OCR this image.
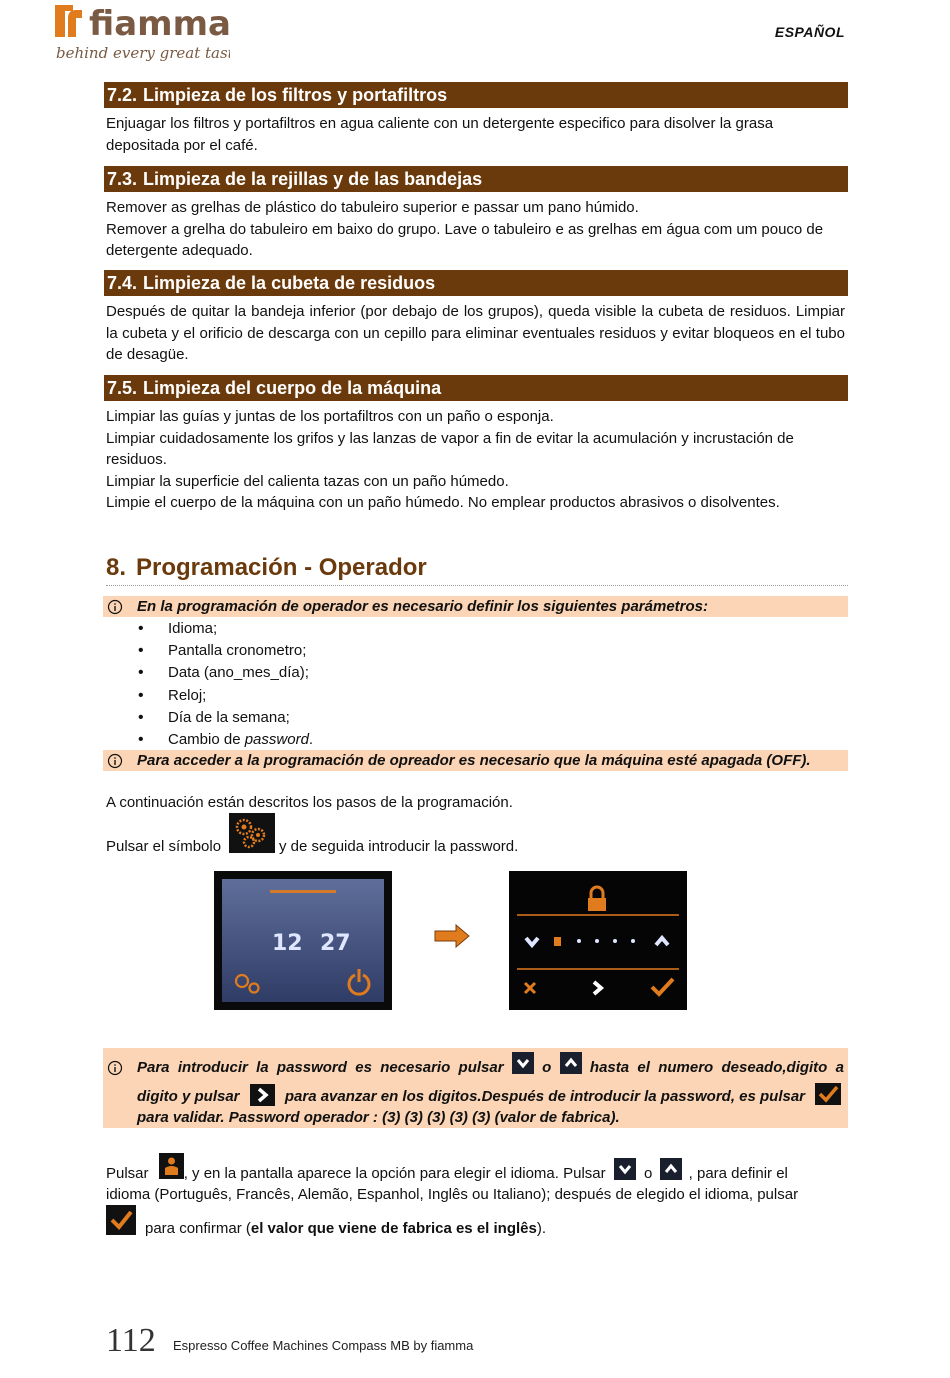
fiamma
behind every great taste
ESPAÑOL
7.2. Limpieza de los filtros y portafiltros
Enjuagar los filtros y portafiltros en agua caliente con un detergente especifico para disolver la grasa depositada por el café.
7.3. Limpieza de la rejillas y de las bandejas
Remover as grelhas de plástico do tabuleiro superior e passar um pano húmido.
Remover a grelha do tabuleiro em baixo do grupo. Lave o tabuleiro e as grelhas em água com um pouco de detergente adequado.
7.4. Limpieza de la cubeta de residuos
Después de quitar la bandeja inferior (por debajo de los grupos), queda visible la cubeta de residuos. Limpiar la cubeta y el orificio de descarga con un cepillo para eliminar eventuales residuos y evitar bloqueos en el tubo de desagüe.
7.5. Limpieza del cuerpo de la máquina
Limpiar las guías y juntas de los portafiltros con un paño o esponja.
Limpiar cuidadosamente los grifos y las lanzas de vapor a fin de evitar la acumulación y incrustación de residuos.
Limpiar la superficie del calienta tazas con un paño húmedo.
Limpie el cuerpo de la máquina con un paño húmedo. No emplear productos abrasivos o disolventes.
8. Programación - Operador
En la programación de operador es necesario definir los siguientes parámetros:
• Idioma;
• Pantalla cronometro;
• Data (ano_mes_día);
• Reloj;
• Día de la semana;
• Cambio de password.
Para acceder a la programación de opreador es necesario que la máquina esté apagada (OFF).
A continuación están descritos los pasos de la programación.
Pulsar el símbolo	y de seguida introducir la password.
12 27
Para introducir la password es necesario pulsar	o	hasta el numero deseado,digito a
digito y pulsar	para avanzar en los digitos.Después de introducir la password, es pulsar
para validar. Password operador : (3) (3) (3) (3) (3) (valor de fabrica).
Pulsar , y en la pantalla aparece la opción para elegir el idioma. Pulsar	o , para definir el
idioma (Português, Francês, Alemão, Espanhol, Inglês ou Italiano); después de elegido el idioma, pulsar
para confirmar (el valor que viene de fabrica es el inglês).
112 Espresso Coffee Machines Compass MB by fiamma
